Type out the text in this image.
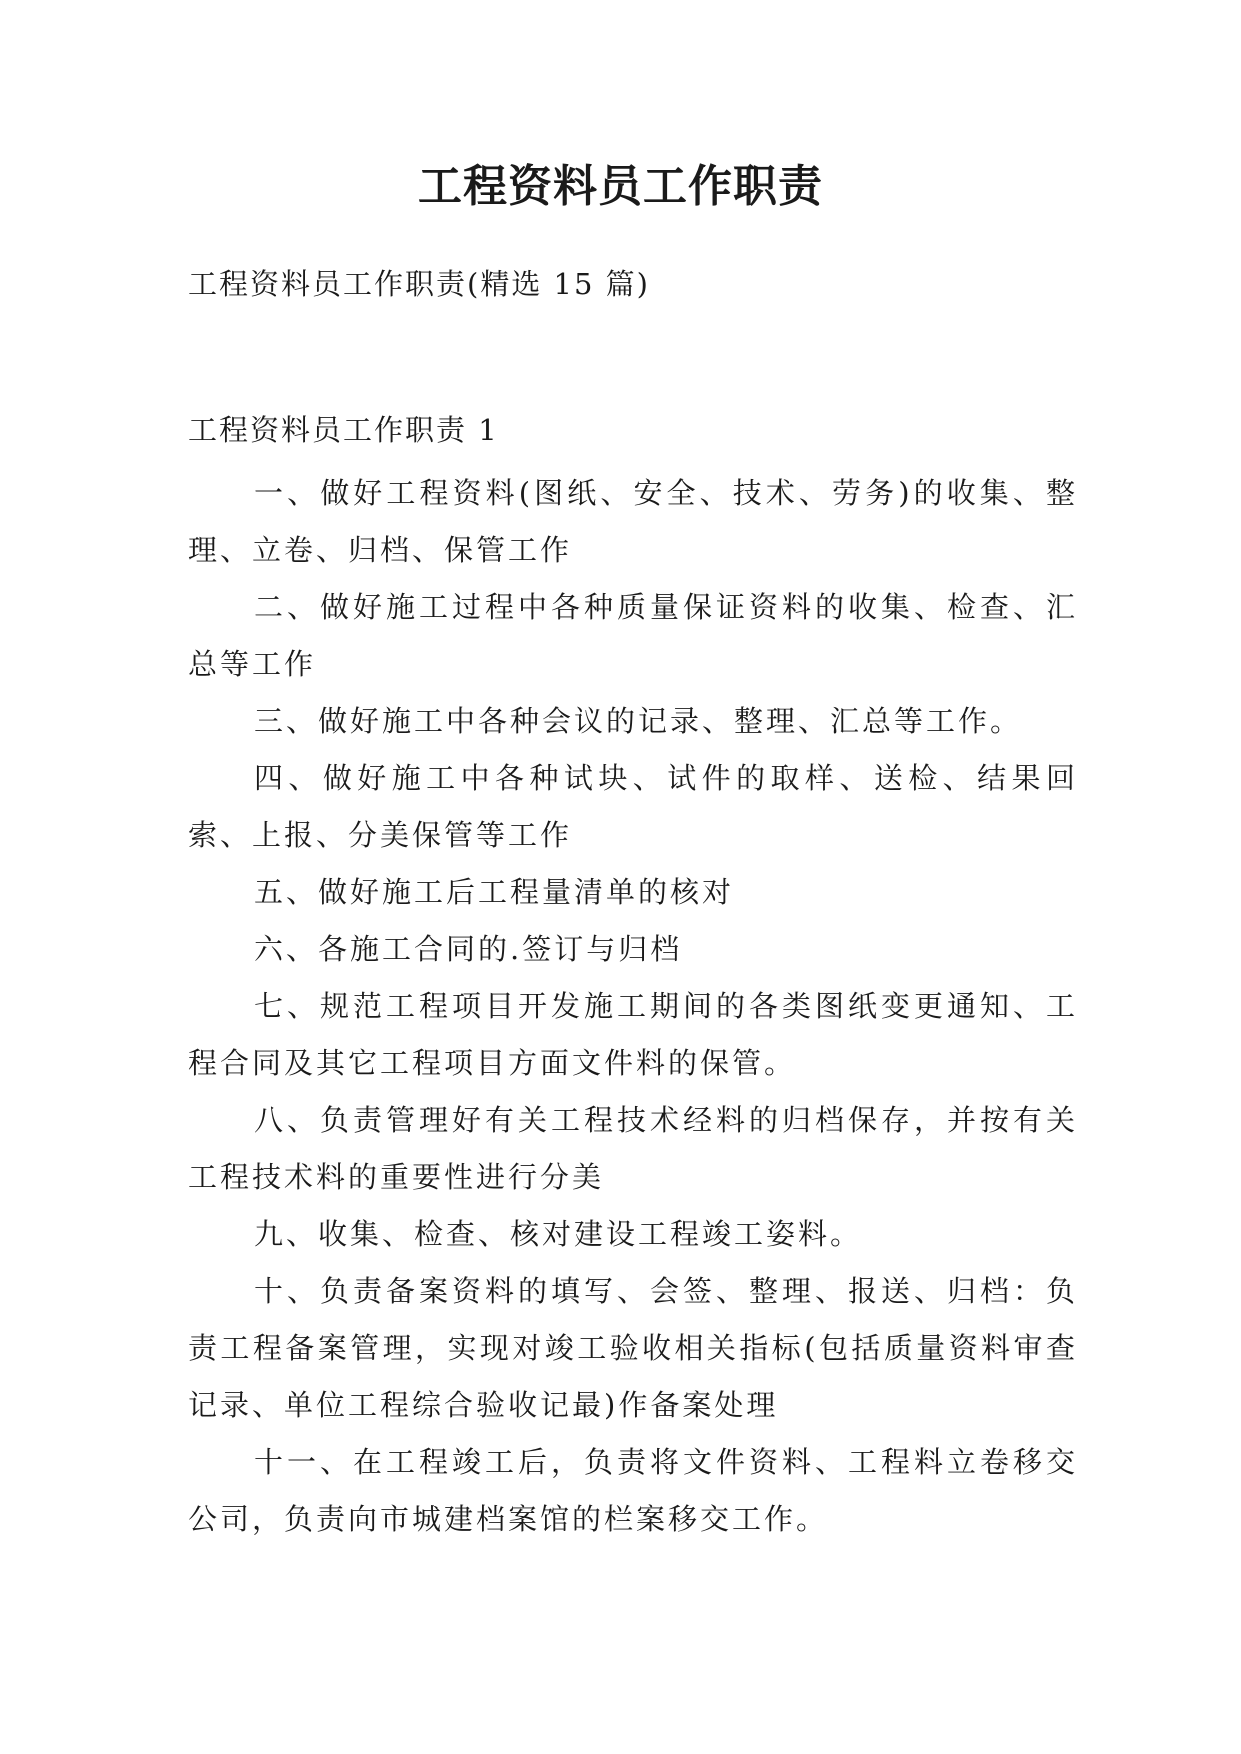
工程资料员工作职责

工程资料员工作职责(精选 15 篇)

工程资料员工作职责 1

一、做好工程资料(图纸、安全、技术、劳务)的收集、整理、立卷、归档、保管工作

二、做好施工过程中各种质量保证资料的收集、检查、汇总等工作

三、做好施工中各种会议的记录、整理、汇总等工作。

四、做好施工中各种试块、试件的取样、送检、结果回索、上报、分美保管等工作

五、做好施工后工程量清单的核对

六、各施工合同的.签订与归档

七、规范工程项目开发施工期间的各类图纸变更通知、工程合同及其它工程项目方面文件料的保管。

八、负责管理好有关工程技术经料的归档保存，并按有关工程技术料的重要性进行分美

九、收集、检查、核对建设工程竣工姿料。

十、负责备案资料的填写、会签、整理、报送、归档：负责工程备案管理，实现对竣工验收相关指标(包括质量资料审查记录、单位工程综合验收记最)作备案处理

十一、在工程竣工后，负责将文件资料、工程料立卷移交公司，负责向市城建档案馆的栏案移交工作。
